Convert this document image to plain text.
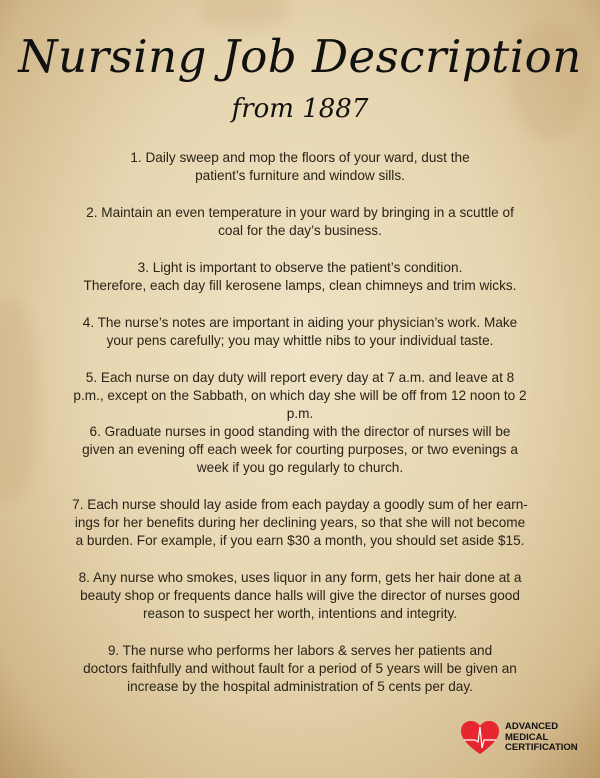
Nursing Job Description
from 1887
1. Daily sweep and mop the floors of your ward, dust the
patient’s furniture and window sills.
2. Maintain an even temperature in your ward by bringing in a scuttle of
coal for the day’s business.
3. Light is important to observe the patient’s condition.
Therefore, each day fill kerosene lamps, clean chimneys and trim wicks.
4. The nurse’s notes are important in aiding your physician’s work. Make
your pens carefully; you may whittle nibs to your individual taste.
5. Each nurse on day duty will report every day at 7 a.m. and leave at 8
p.m., except on the Sabbath, on which day she will be off from 12 noon to 2
p.m.
6. Graduate nurses in good standing with the director of nurses will be
given an evening off each week for courting purposes, or two evenings a
week if you go regularly to church.
7. Each nurse should lay aside from each payday a goodly sum of her earn-
ings for her benefits during her declining years, so that she will not become
a burden. For example, if you earn $30 a month, you should set aside $15.
8. Any nurse who smokes, uses liquor in any form, gets her hair done at a
beauty shop or frequents dance halls will give the director of nurses good
reason to suspect her worth, intentions and integrity.
9. The nurse who performs her labors & serves her patients and
doctors faithfully and without fault for a period of 5 years will be given an
increase by the hospital administration of 5 cents per day.
ADVANCED
MEDICAL
CERTIFICATION
